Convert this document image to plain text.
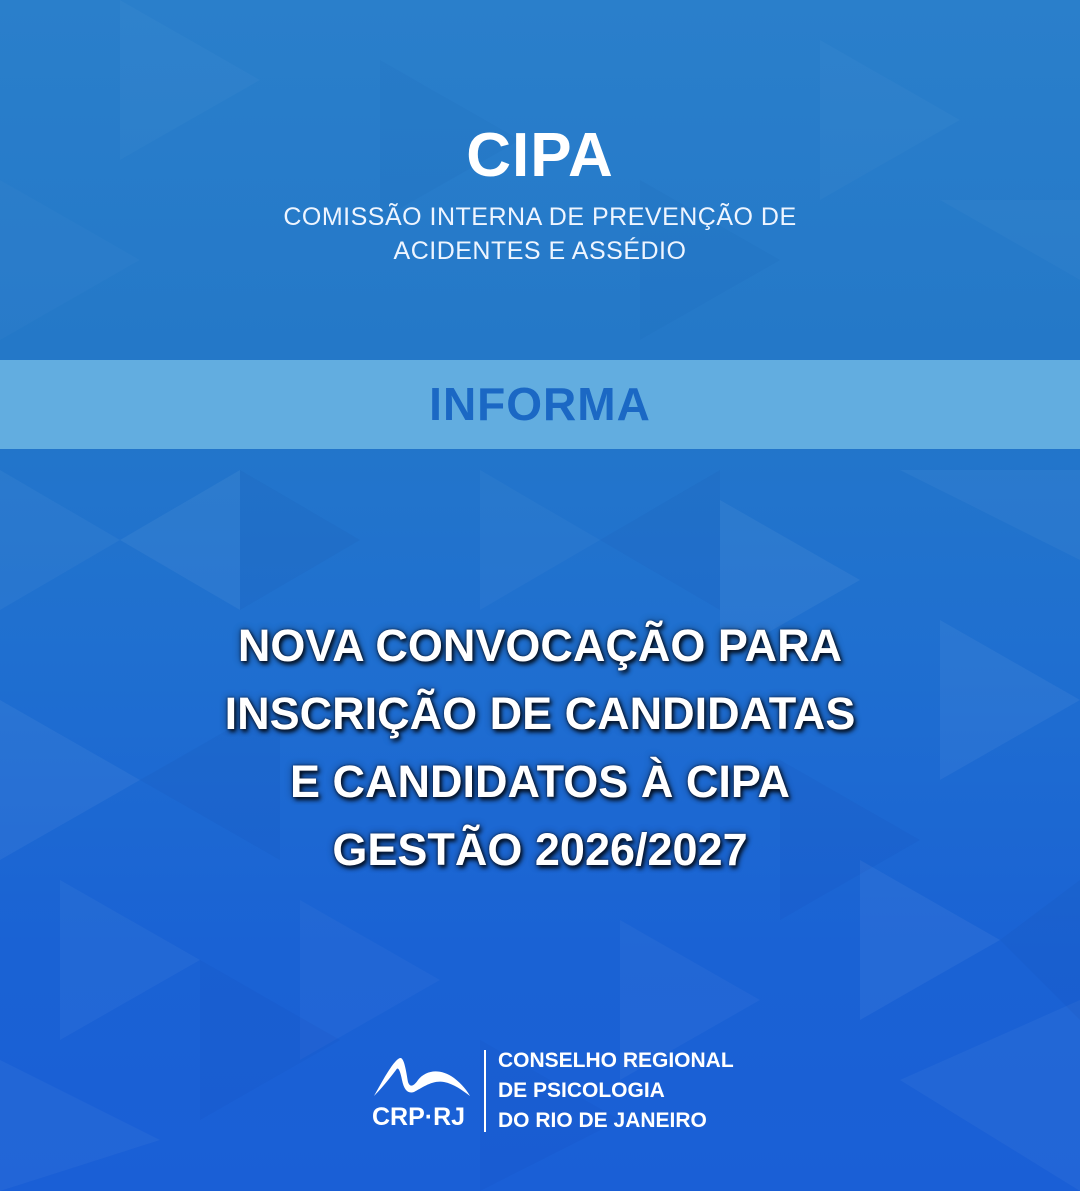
CIPA
COMISSÃO INTERNA DE PREVENÇÃO DE
ACIDENTES E ASSÉDIO
INFORMA
NOVA CONVOCAÇÃO PARA
INSCRIÇÃO DE CANDIDATAS
E CANDIDATOS À CIPA
GESTÃO 2026/2027
CRP·RJ
CONSELHO REGIONAL
DE PSICOLOGIA
DO RIO DE JANEIRO
